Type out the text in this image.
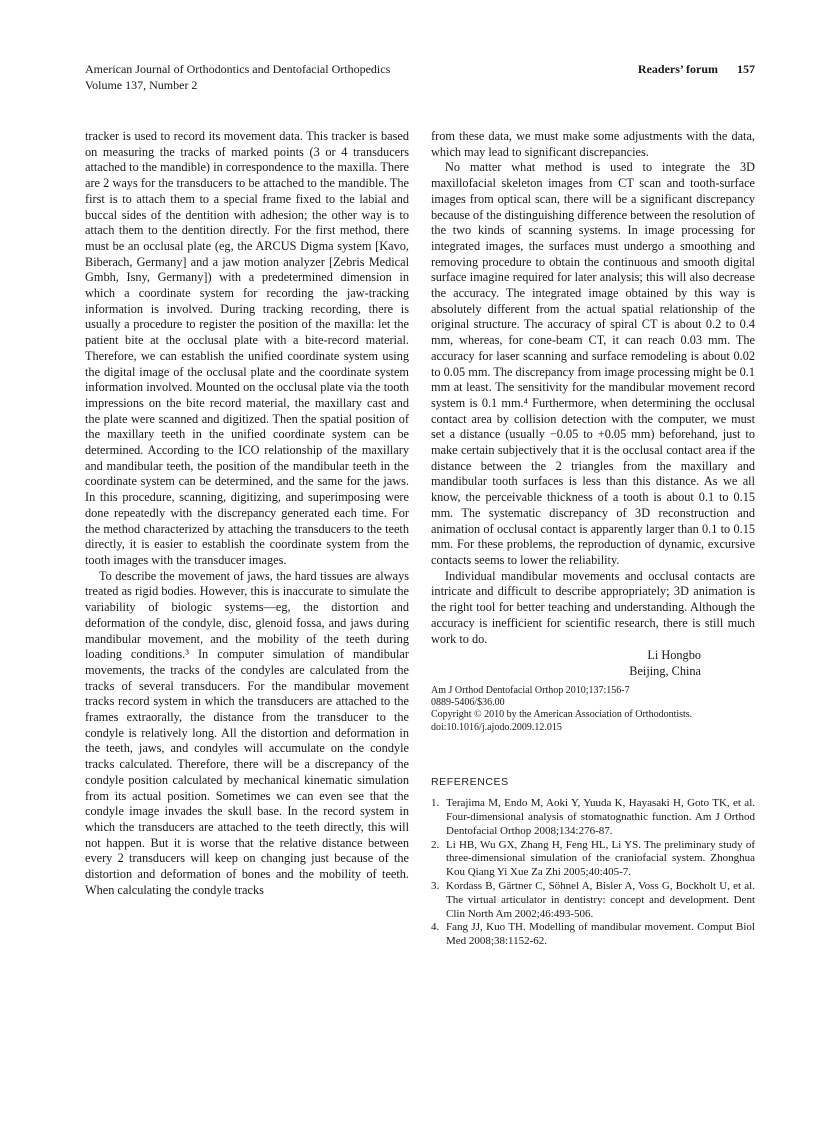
American Journal of Orthodontics and Dentofacial Orthopedics
Volume 137, Number 2
Readers’ forum 157

tracker is used to record its movement data. This tracker is based on measuring the tracks of marked points (3 or 4 transducers attached to the mandible) in correspondence to the maxilla. There are 2 ways for the transducers to be attached to the mandible. The first is to attach them to a special frame fixed to the labial and buccal sides of the dentition with adhesion; the other way is to attach them to the dentition directly. For the first method, there must be an occlusal plate (eg, the ARCUS Digma system [Kavo, Biberach, Germany] and a jaw motion analyzer [Zebris Medical Gmbh, Isny, Germany]) with a predetermined dimension in which a coordinate system for recording the jaw-tracking information is involved. During tracking recording, there is usually a procedure to register the position of the maxilla: let the patient bite at the occlusal plate with a bite-record material. Therefore, we can establish the unified coordinate system using the digital image of the occlusal plate and the coordinate system information involved. Mounted on the occlusal plate via the tooth impressions on the bite record material, the maxillary cast and the plate were scanned and digitized. Then the spatial position of the maxillary teeth in the unified coordinate system can be determined. According to the ICO relationship of the maxillary and mandibular teeth, the position of the mandibular teeth in the coordinate system can be determined, and the same for the jaws. In this procedure, scanning, digitizing, and superimposing were done repeatedly with the discrepancy generated each time. For the method characterized by attaching the transducers to the teeth directly, it is easier to establish the coordinate system from the tooth images with the transducer images.

To describe the movement of jaws, the hard tissues are always treated as rigid bodies. However, this is inaccurate to simulate the variability of biologic systems—eg, the distortion and deformation of the condyle, disc, glenoid fossa, and jaws during mandibular movement, and the mobility of the teeth during loading conditions.³ In computer simulation of mandibular movements, the tracks of the condyles are calculated from the tracks of several transducers. For the mandibular movement tracks record system in which the transducers are attached to the frames extraorally, the distance from the transducer to the condyle is relatively long. All the distortion and deformation in the teeth, jaws, and condyles will accumulate on the condyle tracks calculated. Therefore, there will be a discrepancy of the condyle position calculated by mechanical kinematic simulation from its actual position. Sometimes we can even see that the condyle image invades the skull base. In the record system in which the transducers are attached to the teeth directly, this will not happen. But it is worse that the relative distance between every 2 transducers will keep on changing just because of the distortion and deformation of bones and the mobility of teeth. When calculating the condyle tracks

from these data, we must make some adjustments with the data, which may lead to significant discrepancies.

No matter what method is used to integrate the 3D maxillofacial skeleton images from CT scan and tooth-surface images from optical scan, there will be a significant discrepancy because of the distinguishing difference between the resolution of the two kinds of scanning systems. In image processing for integrated images, the surfaces must undergo a smoothing and removing procedure to obtain the continuous and smooth digital surface imagine required for later analysis; this will also decrease the accuracy. The integrated image obtained by this way is absolutely different from the actual spatial relationship of the original structure. The accuracy of spiral CT is about 0.2 to 0.4 mm, whereas, for cone-beam CT, it can reach 0.03 mm. The accuracy for laser scanning and surface remodeling is about 0.02 to 0.05 mm. The discrepancy from image processing might be 0.1 mm at least. The sensitivity for the mandibular movement record system is 0.1 mm.⁴ Furthermore, when determining the occlusal contact area by collision detection with the computer, we must set a distance (usually −0.05 to +0.05 mm) beforehand, just to make certain subjectively that it is the occlusal contact area if the distance between the 2 triangles from the maxillary and mandibular tooth surfaces is less than this distance. As we all know, the perceivable thickness of a tooth is about 0.1 to 0.15 mm. The systematic discrepancy of 3D reconstruction and animation of occlusal contact is apparently larger than 0.1 to 0.15 mm. For these problems, the reproduction of dynamic, excursive contacts seems to lower the reliability.

Individual mandibular movements and occlusal contacts are intricate and difficult to describe appropriately; 3D animation is the right tool for better teaching and understanding. Although the accuracy is inefficient for scientific research, there is still much work to do.

Li Hongbo
Beijing, China
Am J Orthod Dentofacial Orthop 2010;137:156-7
0889-5406/$36.00
Copyright © 2010 by the American Association of Orthodontists.
doi:10.1016/j.ajodo.2009.12.015
REFERENCES
1. Terajima M, Endo M, Aoki Y, Yuuda K, Hayasaki H, Goto TK, et al. Four-dimensional analysis of stomatognathic function. Am J Orthod Dentofacial Orthop 2008;134:276-87.
2. Li HB, Wu GX, Zhang H, Feng HL, Li YS. The preliminary study of three-dimensional simulation of the craniofacial system. Zhonghua Kou Qiang Yi Xue Za Zhi 2005;40:405-7.
3. Kordass B, Gärtner C, Söhnel A, Bisler A, Voss G, Bockholt U, et al. The virtual articulator in dentistry: concept and development. Dent Clin North Am 2002;46:493-506.
4. Fang JJ, Kuo TH. Modelling of mandibular movement. Comput Biol Med 2008;38:1152-62.
